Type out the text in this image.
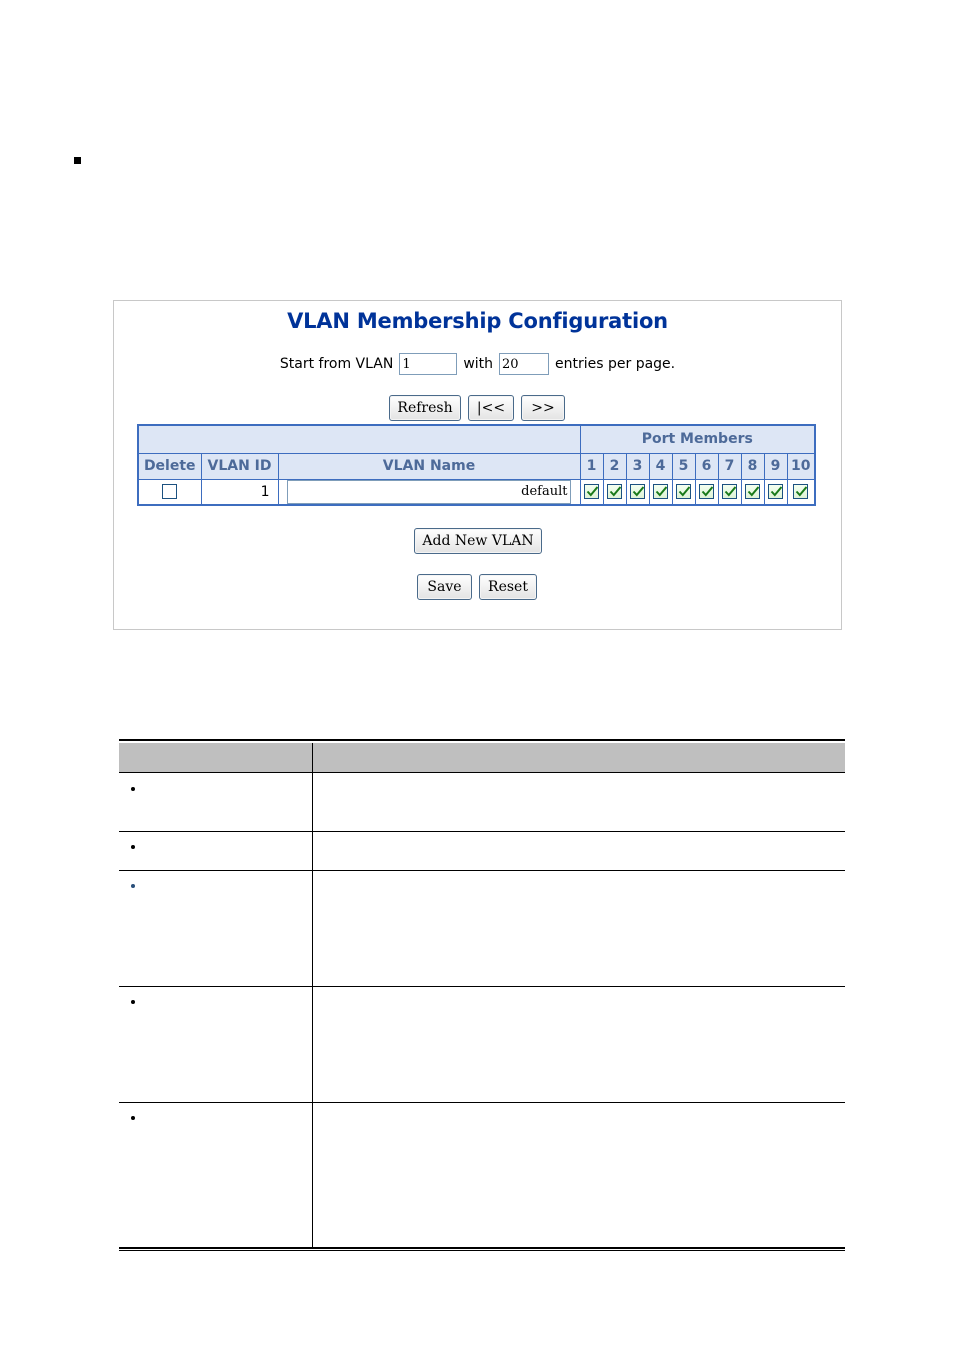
VLAN Membership Configuration
Start from VLAN
1	with
20	entries per page.
Refresh	|<<	>>
			Port Members									
Delete	VLAN ID	VLAN Name	1	2	3	4	5	6	7	8	9	10
	1	default	

Add New VLAN
Save	Reset
